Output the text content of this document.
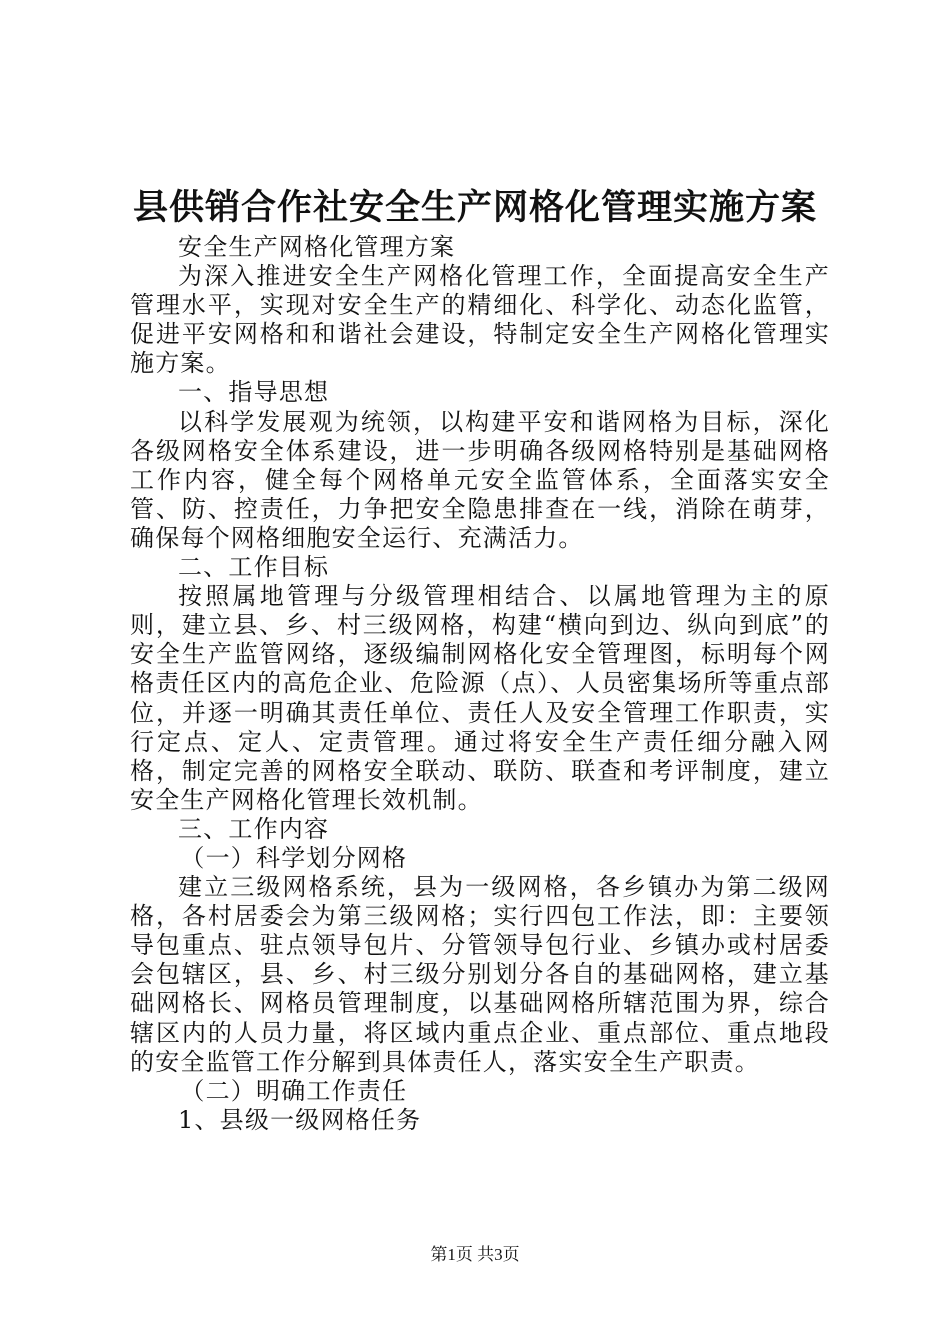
县供销合作社安全生产网格化管理实施方案

安全生产网格化管理方案

为深入推进安全生产网格化管理工作，全面提高安全生产管理水平，实现对安全生产的精细化、科学化、动态化监管，促进平安网格和和谐社会建设，特制定安全生产网格化管理实施方案。

一、指导思想

以科学发展观为统领，以构建平安和谐网格为目标，深化各级网格安全体系建设，进一步明确各级网格特别是基础网格工作内容，健全每个网格单元安全监管体系，全面落实安全管、防、控责任，力争把安全隐患排查在一线，消除在萌芽，确保每个网格细胞安全运行、充满活力。

二、工作目标

按照属地管理与分级管理相结合、以属地管理为主的原则，建立县、乡、村三级网格，构建“横向到边、纵向到底”的安全生产监管网络，逐级编制网格化安全管理图，标明每个网格责任区内的高危企业、危险源（点）、人员密集场所等重点部位，并逐一明确其责任单位、责任人及安全管理工作职责，实行定点、定人、定责管理。通过将安全生产责任细分融入网格，制定完善的网格安全联动、联防、联查和考评制度，建立安全生产网格化管理长效机制。

三、工作内容

（一）科学划分网格

建立三级网格系统，县为一级网格，各乡镇办为第二级网格，各村居委会为第三级网格；实行四包工作法，即：主要领导包重点、驻点领导包片、分管领导包行业、乡镇办或村居委会包辖区，县、乡、村三级分别划分各自的基础网格，建立基础网格长、网格员管理制度，以基础网格所辖范围为界，综合辖区内的人员力量，将区域内重点企业、重点部位、重点地段的安全监管工作分解到具体责任人，落实安全生产职责。

（二）明确工作责任

1、县级一级网格任务

第1页 共3页
